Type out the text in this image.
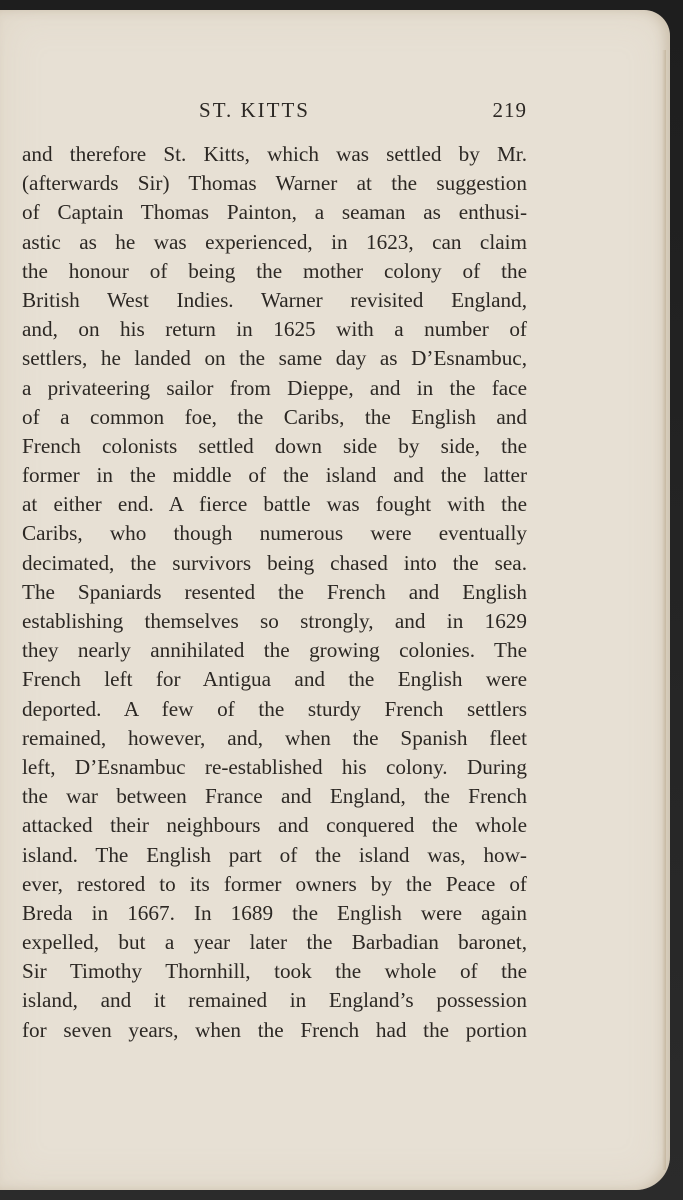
ST. KITTS	219
and therefore St. Kitts, which was settled by Mr.
(afterwards Sir) Thomas Warner at the suggestion
of Captain Thomas Painton, a seaman as enthusi-
astic as he was experienced, in 1623, can claim
the honour of being the mother colony of the
British West Indies. Warner revisited England,
and, on his return in 1625 with a number of
settlers, he landed on the same day as D’Esnambuc,
a privateering sailor from Dieppe, and in the face
of a common foe, the Caribs, the English and
French colonists settled down side by side, the
former in the middle of the island and the latter
at either end. A fierce battle was fought with the
Caribs, who though numerous were eventually
decimated, the survivors being chased into the sea.
The Spaniards resented the French and English
establishing themselves so strongly, and in 1629
they nearly annihilated the growing colonies. The
French left for Antigua and the English were
deported. A few of the sturdy French settlers
remained, however, and, when the Spanish fleet
left, D’Esnambuc re-established his colony. During
the war between France and England, the French
attacked their neighbours and conquered the whole
island. The English part of the island was, how-
ever, restored to its former owners by the Peace of
Breda in 1667. In 1689 the English were again
expelled, but a year later the Barbadian baronet,
Sir Timothy Thornhill, took the whole of the
island, and it remained in England’s possession
for seven years, when the French had the portion
